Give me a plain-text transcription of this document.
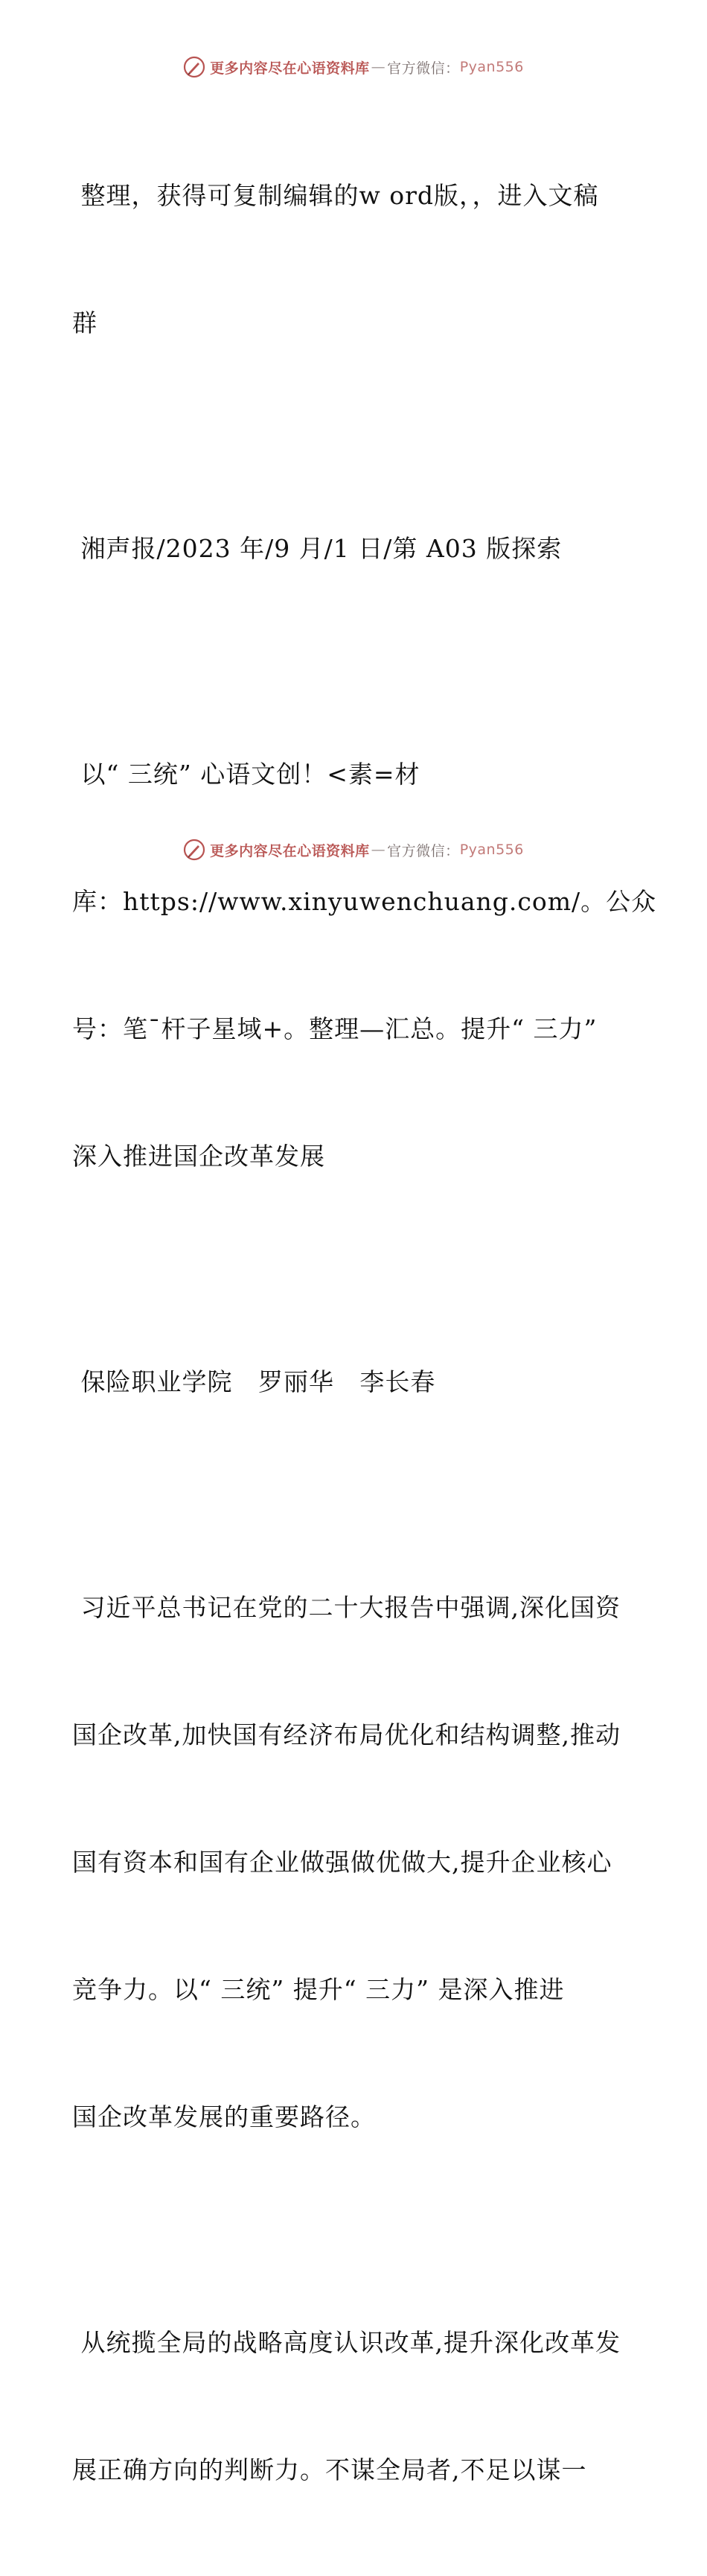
更多内容尽在心语资料库 — 官方微信： Pyan556

整理，获得可复制编辑的w ord版，，进入文稿

群

湘声报/2023 年/9 月/1 日/第 A03 版探索

以“ 三统” 心语文创！<素=材

库：https://www.xinyuwenchuang.com/。公众

号：笔¯杆子星域+。整理—汇总。提升“ 三力”

深入推进国企改革发展

保险职业学院   罗丽华   李长春

习近平总书记在党的二十大报告中强调,深化国资

国企改革,加快国有经济布局优化和结构调整,推动

国有资本和国有企业做强做优做大,提升企业核心

竞争力。以“ 三统” 提升“ 三力” 是深入推进

国企改革发展的重要路径。

从统揽全局的战略高度认识改革,提升深化改革发

展正确方向的判断力。不谋全局者,不足以谋一

更多内容尽在心语资料库 — 官方微信： Pyan556
